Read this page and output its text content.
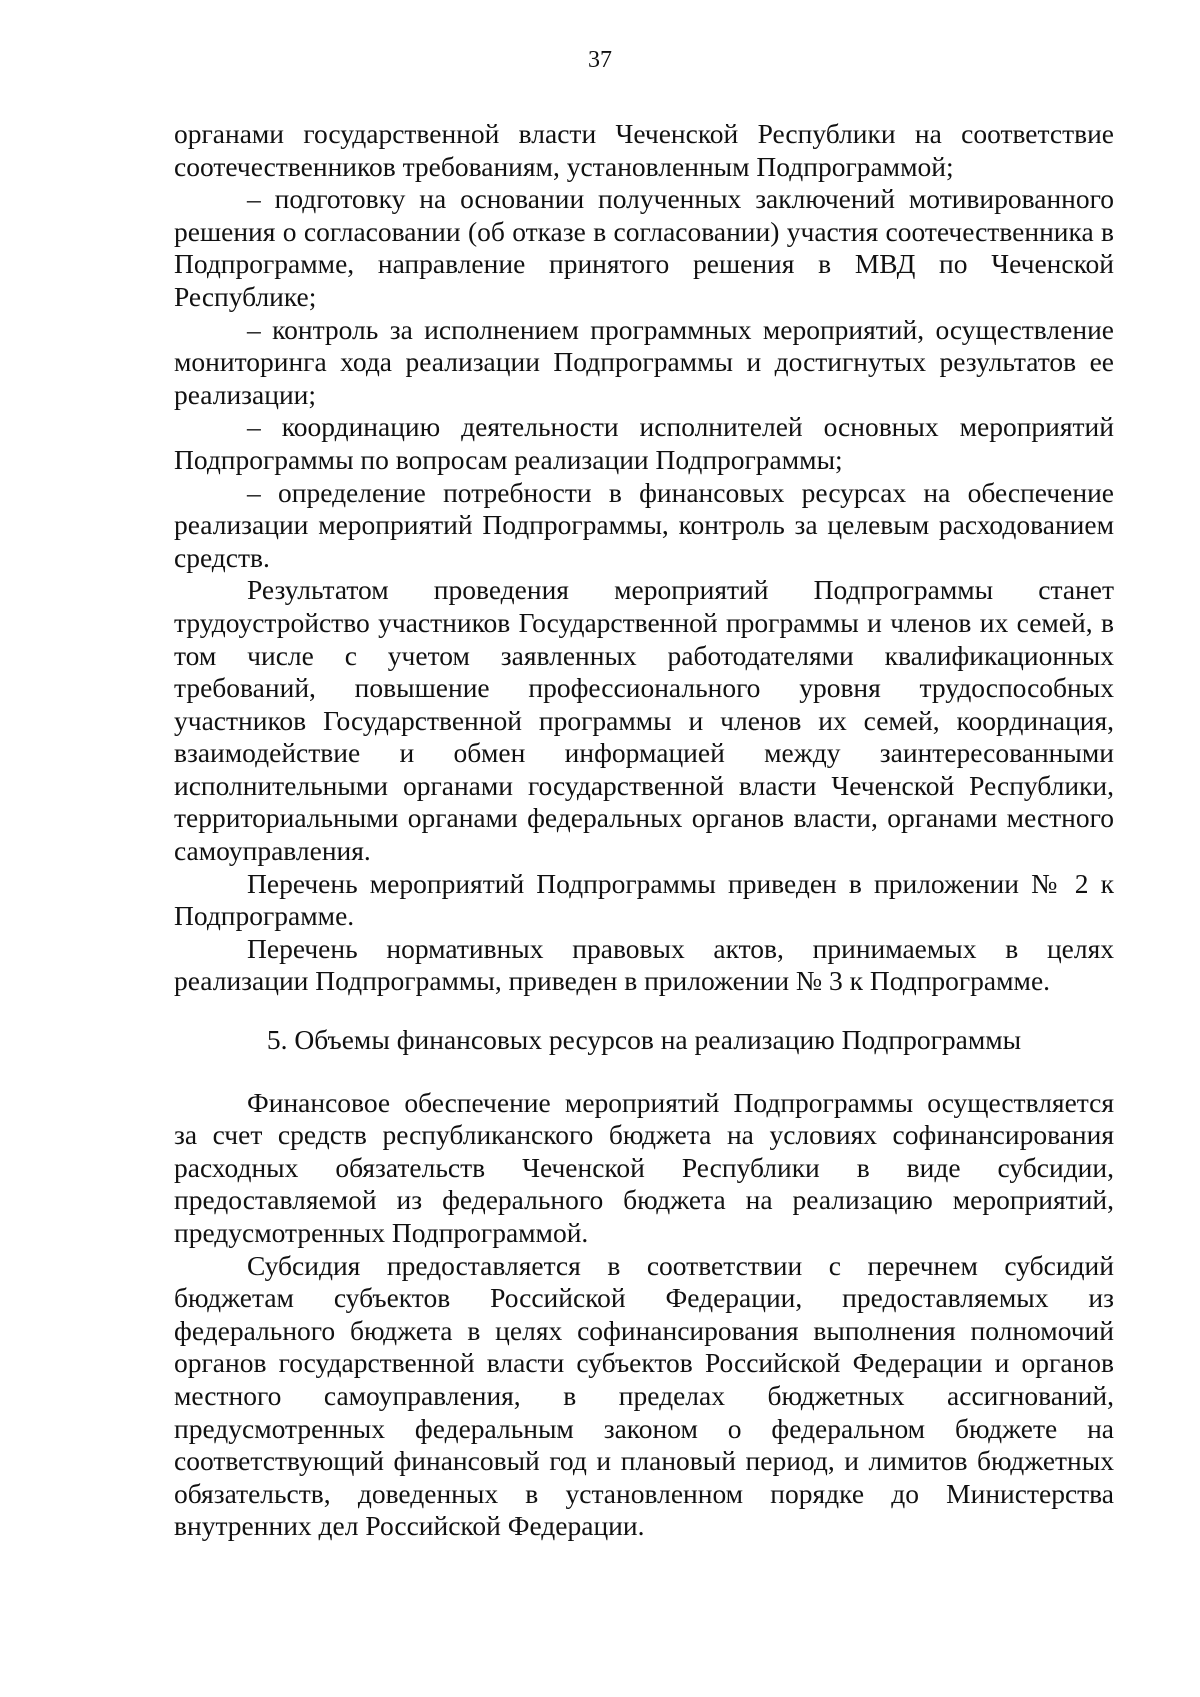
37

органами государственной власти Чеченской Республики на соответствие соотечественников требованиям, установленным Подпрограммой;

– подготовку на основании полученных заключений мотивированного решения о согласовании (об отказе в согласовании) участия соотечественника в Подпрограмме, направление принятого решения в МВД по Чеченской Республике;

– контроль за исполнением программных мероприятий, осуществление мониторинга хода реализации Подпрограммы и достигнутых результатов ее реализации;

– координацию деятельности исполнителей основных мероприятий Подпрограммы по вопросам реализации Подпрограммы;

– определение потребности в финансовых ресурсах на обеспечение реализации мероприятий Подпрограммы, контроль за целевым расходованием средств.

Результатом проведения мероприятий Подпрограммы станет трудоустройство участников Государственной программы и членов их семей, в том числе с учетом заявленных работодателями квалификационных требований, повышение профессионального уровня трудоспособных участников Государственной программы и членов их семей, координация, взаимодействие и обмен информацией между заинтересованными исполнительными органами государственной власти Чеченской Республики, территориальными органами федеральных органов власти, органами местного самоуправления.

Перечень мероприятий Подпрограммы приведен в приложении № 2 к Подпрограмме.

Перечень нормативных правовых актов, принимаемых в целях реализации Подпрограммы, приведен в приложении № 3 к Подпрограмме.

5. Объемы финансовых ресурсов на реализацию Подпрограммы

Финансовое обеспечение мероприятий Подпрограммы осуществляется за счет средств республиканского бюджета на условиях софинансирования расходных обязательств Чеченской Республики в виде субсидии, предоставляемой из федерального бюджета на реализацию мероприятий, предусмотренных Подпрограммой.

Субсидия предоставляется в соответствии с перечнем субсидий бюджетам субъектов Российской Федерации, предоставляемых из федерального бюджета в целях софинансирования выполнения полномочий органов государственной власти субъектов Российской Федерации и органов местного самоуправления, в пределах бюджетных ассигнований, предусмотренных федеральным законом о федеральном бюджете на соответствующий финансовый год и плановый период, и лимитов бюджетных обязательств, доведенных в установленном порядке до Министерства внутренних дел Российской Федерации.
